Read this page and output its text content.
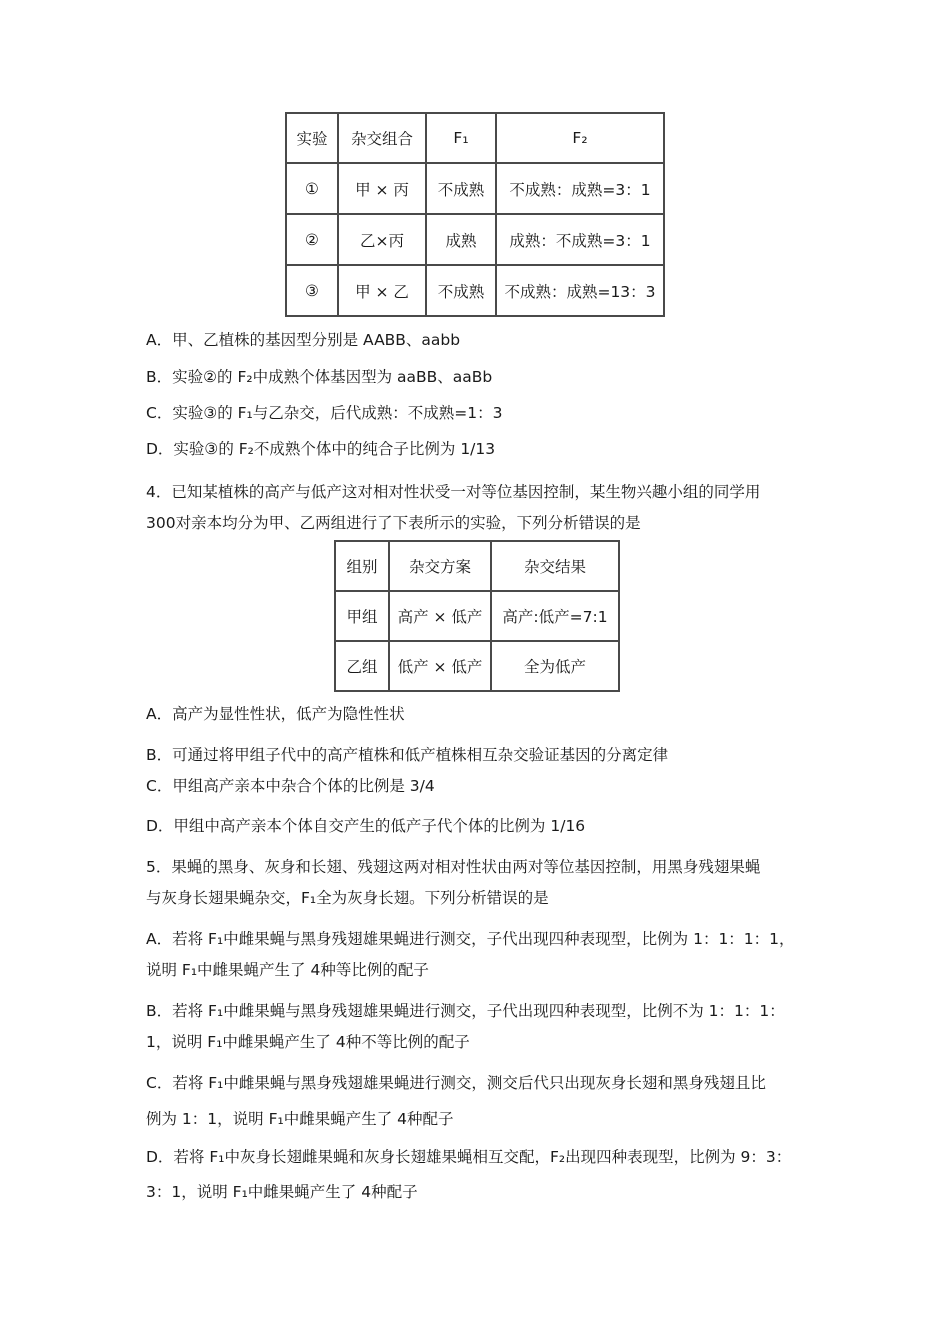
实验	杂交组合	F₁	F₂
①	甲 × 丙	不成熟	不成熟：成熟=3：1
②	乙×丙	成熟	成熟：不成熟=3：1
③	甲 × 乙	不成熟	不成熟：成熟=13：3
A．甲、乙植株的基因型分别是 AABB、aabb
B．实验②的 F₂中成熟个体基因型为 aaBB、aaBb
C．实验③的 F₁与乙杂交，后代成熟：不成熟=1：3
D．实验③的 F₂不成熟个体中的纯合子比例为 1/13
4．已知某植株的高产与低产这对相对性状受一对等位基因控制，某生物兴趣小组的同学用
300对亲本均分为甲、乙两组进行了下表所示的实验，下列分析错误的是
组别	杂交方案	杂交结果
甲组	高产 × 低产	高产:低产=7:1
乙组	低产 × 低产	全为低产
A．高产为显性性状，低产为隐性性状
B．可通过将甲组子代中的高产植株和低产植株相互杂交验证基因的分离定律
C．甲组高产亲本中杂合个体的比例是 3/4
D．甲组中高产亲本个体自交产生的低产子代个体的比例为 1/16
5．果蝇的黑身、灰身和长翅、残翅这两对相对性状由两对等位基因控制，用黑身残翅果蝇
与灰身长翅果蝇杂交，F₁全为灰身长翅。下列分析错误的是
A．若将 F₁中雌果蝇与黑身残翅雄果蝇进行测交，子代出现四种表现型，比例为 1：1：1：1，
说明 F₁中雌果蝇产生了 4种等比例的配子
B．若将 F₁中雌果蝇与黑身残翅雄果蝇进行测交，子代出现四种表现型，比例不为 1：1：1：
1，说明 F₁中雌果蝇产生了 4种不等比例的配子
C．若将 F₁中雌果蝇与黑身残翅雄果蝇进行测交，测交后代只出现灰身长翅和黑身残翅且比
例为 1：1，说明 F₁中雌果蝇产生了 4种配子
D．若将 F₁中灰身长翅雌果蝇和灰身长翅雄果蝇相互交配，F₂出现四种表现型，比例为 9：3：
3：1，说明 F₁中雌果蝇产生了 4种配子
